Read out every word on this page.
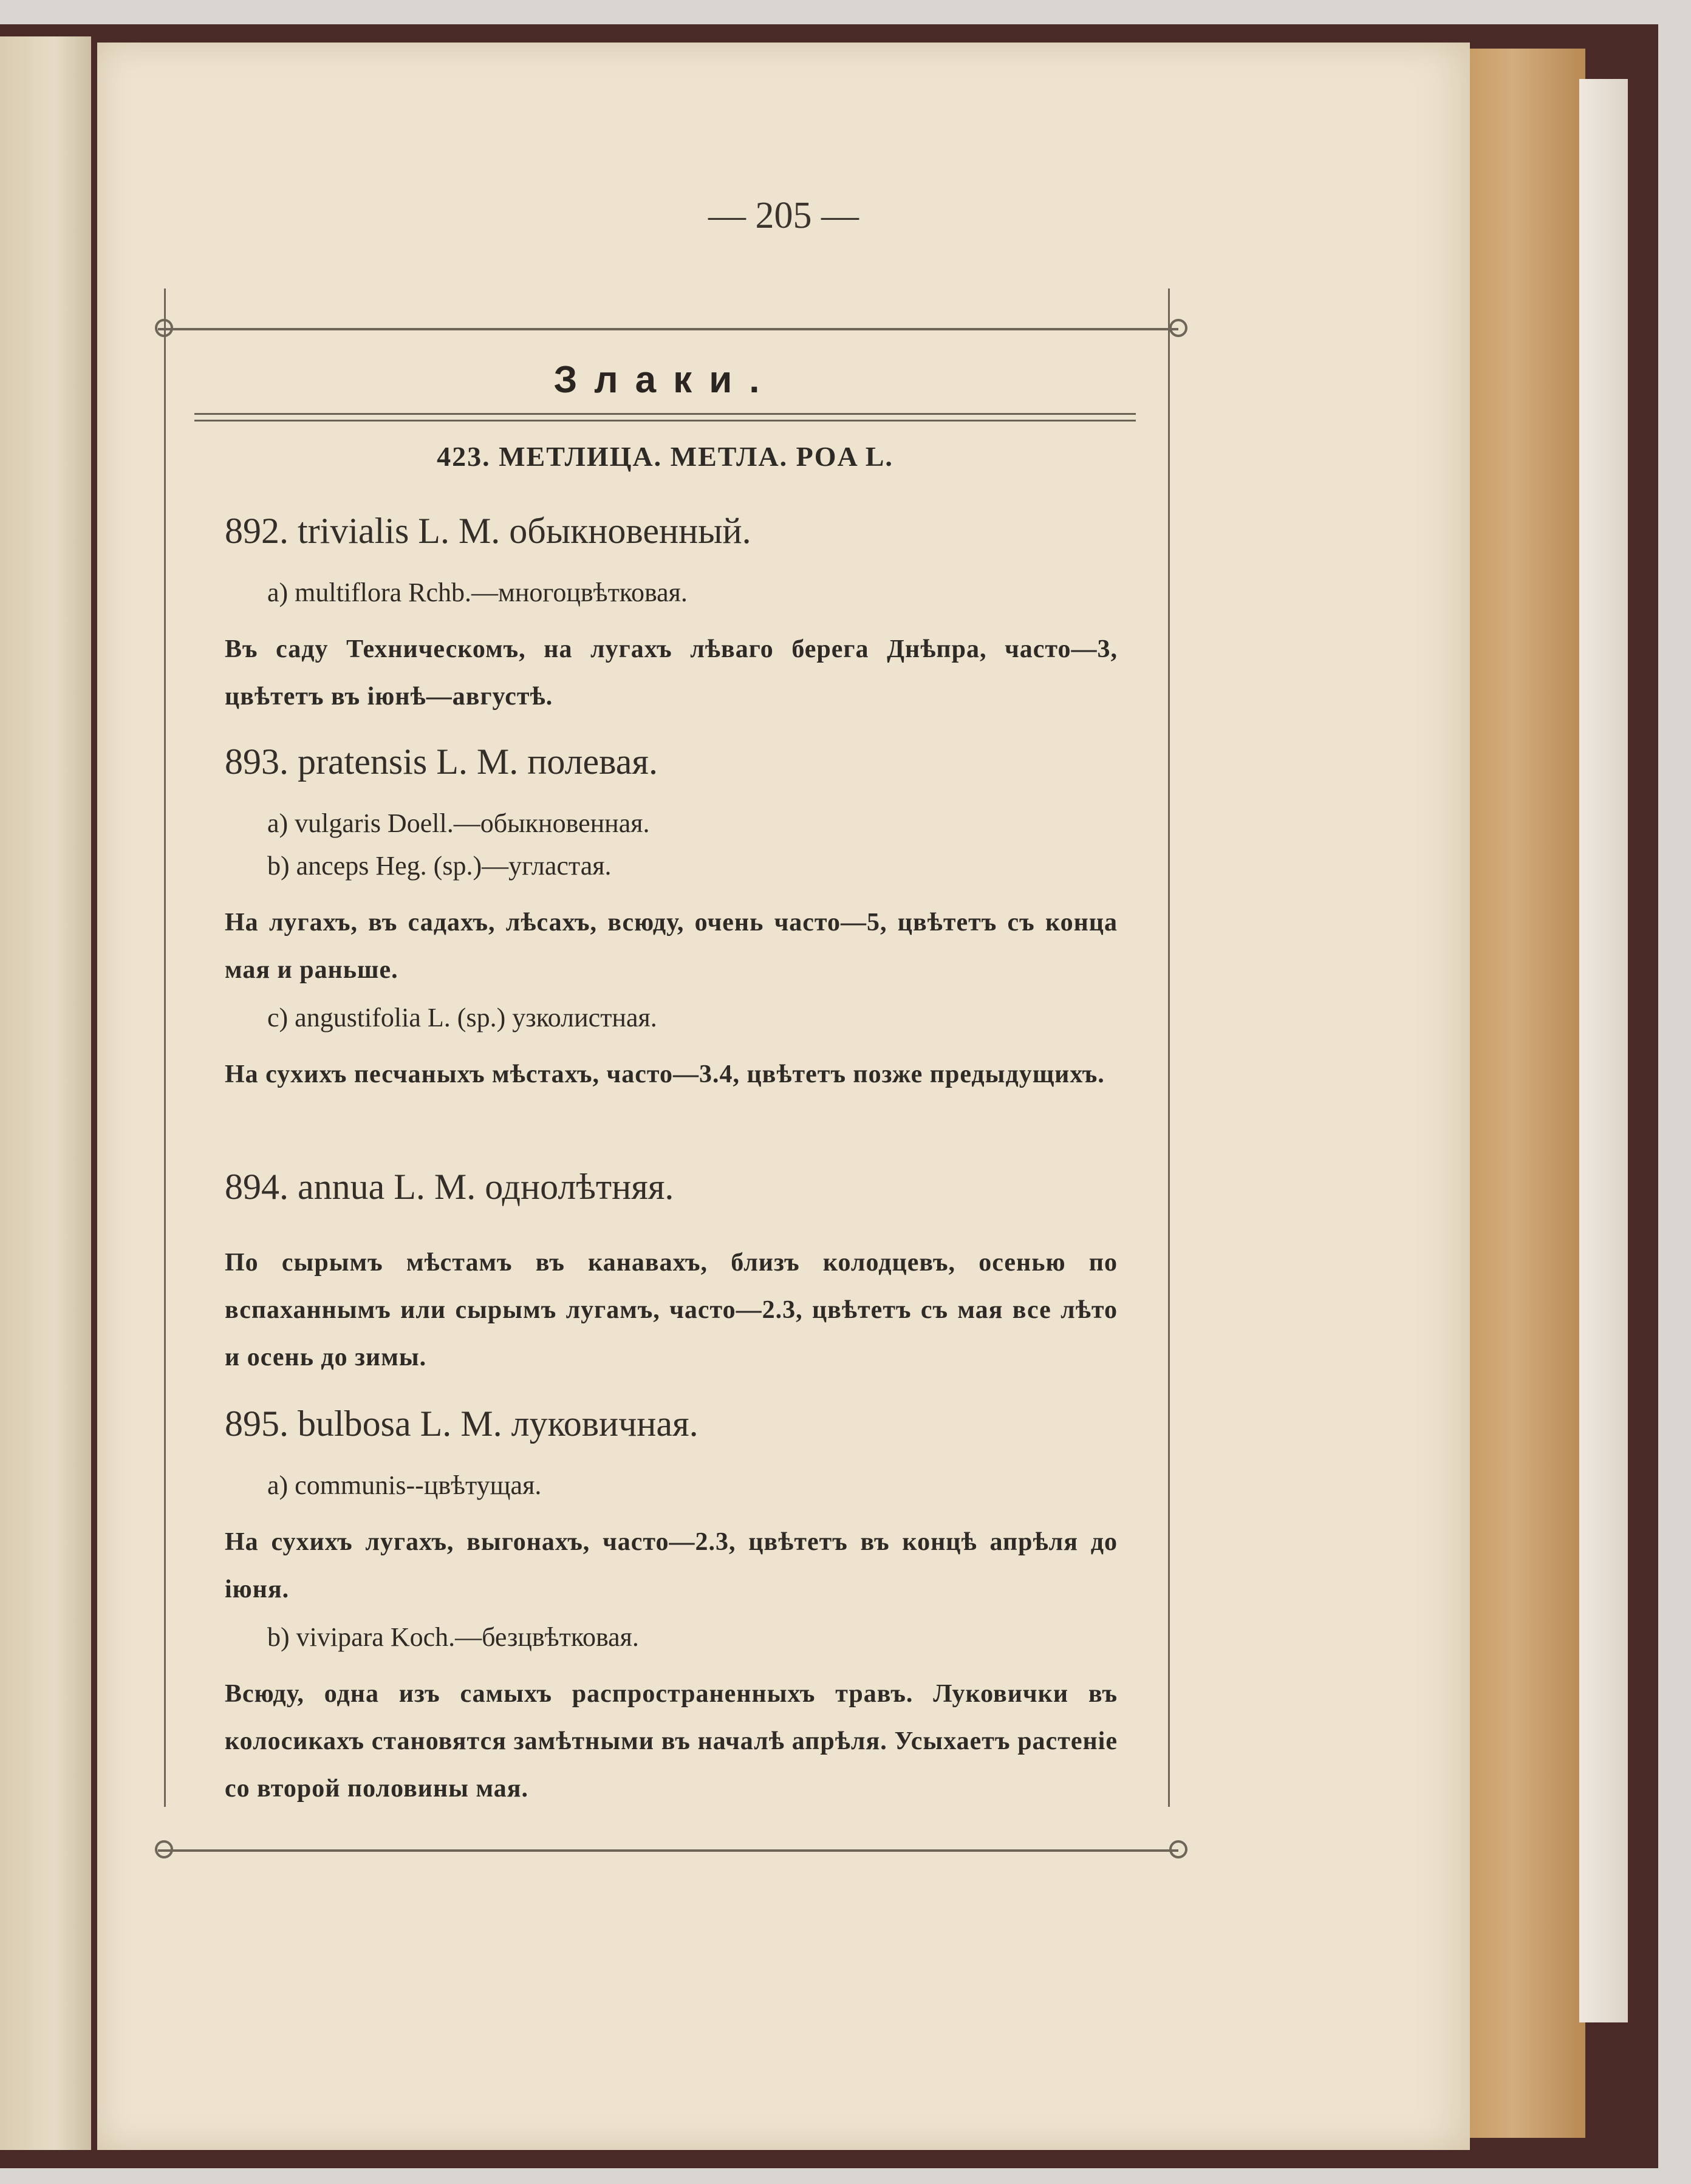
— 205 —
Злаки.
423. МЕТЛИЦА. МЕТЛА. POA L.
892. trivialis L. M. обыкновенный.
a) multiflora Rchb.—многоцвѣтковая.
Въ саду Техническомъ, на лугахъ лѣваго берега Днѣпра, часто—3, цвѣтетъ въ іюнѣ—августѣ.
893. pratensis L. M. полевая.
a) vulgaris Doell.—обыкновенная.
b) anceps Heg. (sp.)—угластая.
На лугахъ, въ садахъ, лѣсахъ, всюду, очень часто—5, цвѣтетъ съ конца мая и раньше.
c) angustifolia L. (sp.) узколистная.
На сухихъ песчаныхъ мѣстахъ, часто—3.4, цвѣтетъ позже предыдущихъ.
894. annua L. M. однолѣтняя.
По сырымъ мѣстамъ въ канавахъ, близъ колодцевъ, осенью по вспаханнымъ или сырымъ лугамъ, часто—2.3, цвѣтетъ съ мая все лѣто и осень до зимы.
895. bulbosa L. M. луковичная.
a) communis--цвѣтущая.
На сухихъ лугахъ, выгонахъ, часто—2.3, цвѣтетъ въ концѣ апрѣля до іюня.
b) vivipara Koch.—безцвѣтковая.
Всюду, одна изъ самыхъ распространенныхъ травъ. Луковички въ колосикахъ становятся замѣтными въ началѣ апрѣля. Усыхаетъ растеніе со второй половины мая.
